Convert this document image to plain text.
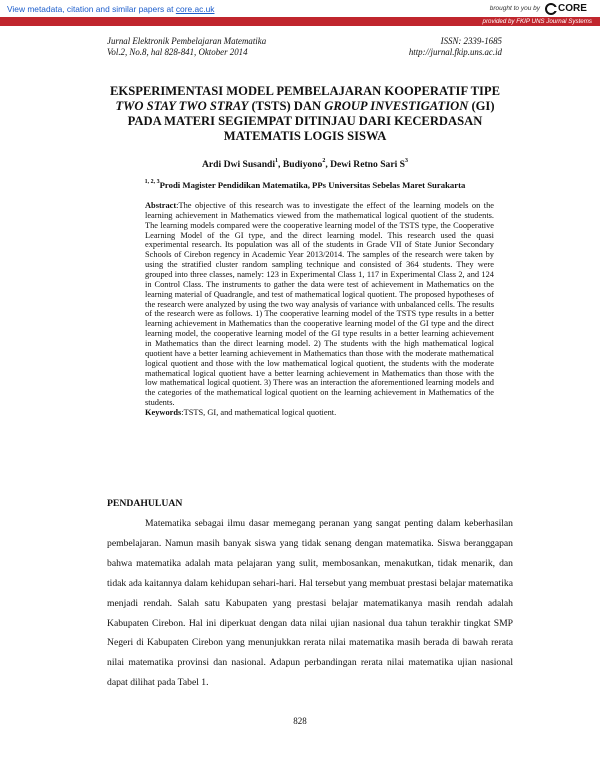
View metadata, citation and similar papers at core.ac.uk	brought to you by CORE
provided by FKIP UNS Journal Systems
Jurnal Elektronik Pembelajaran Matematika
Vol.2, No.8, hal 828-841, Oktober 2014
ISSN: 2339-1685
http://jurnal.fkip.uns.ac.id
EKSPERIMENTASI MODEL PEMBELAJARAN KOOPERATIF TIPE TWO STAY TWO STRAY (TSTS) DAN GROUP INVESTIGATION (GI) PADA MATERI SEGIEMPAT DITINJAU DARI KECERDASAN MATEMATIS LOGIS SISWA
Ardi Dwi Susandi$^1$, Budiyono$^2$, Dewi Retno Sari $S^3$
$^{1, 2, 3}$Prodi Magister Pendidikan Matematika, PPs Universitas Sebelas Maret Surakarta
Abstract:The objective of this research was to investigate the effect of the learning models on the learning achievement in Mathematics viewed from the mathematical logical quotient of the students. The learning models compared were the cooperative learning model of the TSTS type, the Cooperative Learning Model of the GI type, and the direct learning model. This research used the quasi experimental research. Its population was all of the students in Grade VII of State Junior Secondary Schools of Cirebon regency in Academic Year 2013/2014. The samples of the research were taken by using the stratified cluster random sampling technique and consisted of 364 students. They were grouped into three classes, namely: 123 in Experimental Class 1, 117 in Experimental Class 2, and 124 in Control Class. The instruments to gather the data were test of achievement in Mathematics on the learning material of Quadrangle, and test of mathematical logical quotient. The proposed hypotheses of the research were analyzed by using the two way analysis of variance with unbalanced cells. The results of the research were as follows. 1) The cooperative learning model of the TSTS type results in a better learning achievement in Mathematics than the cooperative learning model of the GI type and the direct learning model, the cooperative learning model of the GI type results in a better learning achievement in Mathematics than the direct learning model. 2) The students with the high mathematical logical quotient have a better learning achievement in Mathematics than those with the moderate mathematical logical quotient and those with the low mathematical logical quotient, the students with the moderate mathematical logical quotient have a better learning achievement in Mathematics than those with the low mathematical logical quotient. 3) There was an interaction the aforementioned learning models and the categories of the mathematical logical quotient on the learning achievement in Mathematics of the students.
Keywords:TSTS, GI, and mathematical logical quotient.
PENDAHULUAN
Matematika sebagai ilmu dasar memegang peranan yang sangat penting dalam keberhasilan pembelajaran. Namun masih banyak siswa yang tidak senang dengan matematika. Siswa beranggapan bahwa matematika adalah mata pelajaran yang sulit, membosankan, menakutkan, tidak menarik, dan tidak ada kaitannya dalam kehidupan sehari-hari. Hal tersebut yang membuat prestasi belajar matematika menjadi rendah. Salah satu Kabupaten yang prestasi belajar matematikanya masih rendah adalah Kabupaten Cirebon. Hal ini diperkuat dengan data nilai ujian nasional dua tahun terakhir tingkat SMP Negeri di Kabupaten Cirebon yang menunjukkan rerata nilai matematika masih berada di bawah rerata nilai matematika provinsi dan nasional. Adapun perbandingan rerata nilai matematika ujian nasional dapat dilihat pada Tabel 1.
828
